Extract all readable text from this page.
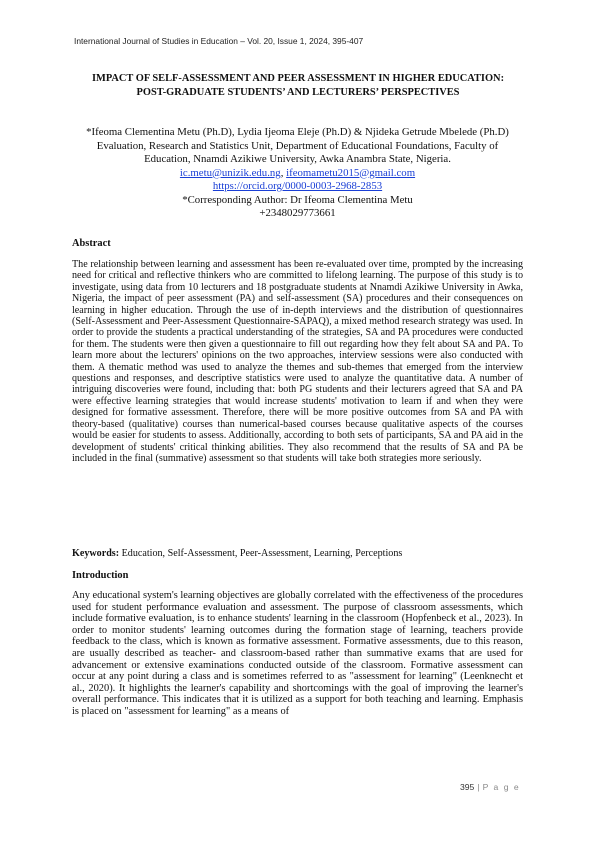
International Journal of Studies in Education – Vol. 20, Issue 1, 2024, 395-407
IMPACT OF SELF-ASSESSMENT AND PEER ASSESSMENT IN HIGHER EDUCATION: POST-GRADUATE STUDENTS’ AND LECTURERS’ PERSPECTIVES
*Ifeoma Clementina Metu (Ph.D), Lydia Ijeoma Eleje (Ph.D) & Njideka Getrude Mbelede (Ph.D)
Evaluation, Research and Statistics Unit, Department of Educational Foundations, Faculty of Education, Nnamdi Azikiwe University, Awka Anambra State, Nigeria.
ic.metu@unizik.edu.ng, ifeomametu2015@gmail.com
https://orcid.org/0000-0003-2968-2853
*Corresponding Author: Dr Ifeoma Clementina Metu
+2348029773661
Abstract

The relationship between learning and assessment has been re-evaluated over time, prompted by the increasing need for critical and reflective thinkers who are committed to lifelong learning. The purpose of this study is to investigate, using data from 10 lecturers and 18 postgraduate students at Nnamdi Azikiwe University in Awka, Nigeria, the impact of peer assessment (PA) and self-assessment (SA) procedures and their consequences on learning in higher education. Through the use of in-depth interviews and the distribution of questionnaires (Self-Assessment and Peer-Assessment Questionnaire-SAPAQ), a mixed method research strategy was used. In order to provide the students a practical understanding of the strategies, SA and PA procedures were conducted for them. The students were then given a questionnaire to fill out regarding how they felt about SA and PA. To learn more about the lecturers' opinions on the two approaches, interview sessions were also conducted with them. A thematic method was used to analyze the themes and sub-themes that emerged from the interview questions and responses, and descriptive statistics were used to analyze the quantitative data. A number of intriguing discoveries were found, including that: both PG students and their lecturers agreed that SA and PA were effective learning strategies that would increase students' motivation to learn if and when they were designed for formative assessment. Therefore, there will be more positive outcomes from SA and PA with theory-based (qualitative) courses than numerical-based courses because qualitative aspects of the courses would be easier for students to assess. Additionally, according to both sets of participants, SA and PA aid in the development of students' critical thinking abilities. They also recommend that the results of SA and PA be included in the final (summative) assessment so that students will take both strategies more seriously.

Keywords: Education, Self-Assessment, Peer-Assessment, Learning, Perceptions
Introduction

Any educational system's learning objectives are globally correlated with the effectiveness of the procedures used for student performance evaluation and assessment. The purpose of classroom assessments, which include formative evaluation, is to enhance students' learning in the classroom (Hopfenbeck et al., 2023). In order to monitor students' learning outcomes during the formation stage of learning, teachers provide feedback to the class, which is known as formative assessment. Formative assessments, due to this reason, are usually described as teacher- and classroom-based rather than summative exams that are used for advancement or extensive examinations conducted outside of the classroom. Formative assessment can occur at any point during a class and is sometimes referred to as "assessment for learning" (Leenknecht et al., 2020). It highlights the learner's capability and shortcomings with the goal of improving the learner's overall performance. This indicates that it is utilized as a support for both teaching and learning. Emphasis is placed on "assessment for learning" as a means of

395 | P a g e
